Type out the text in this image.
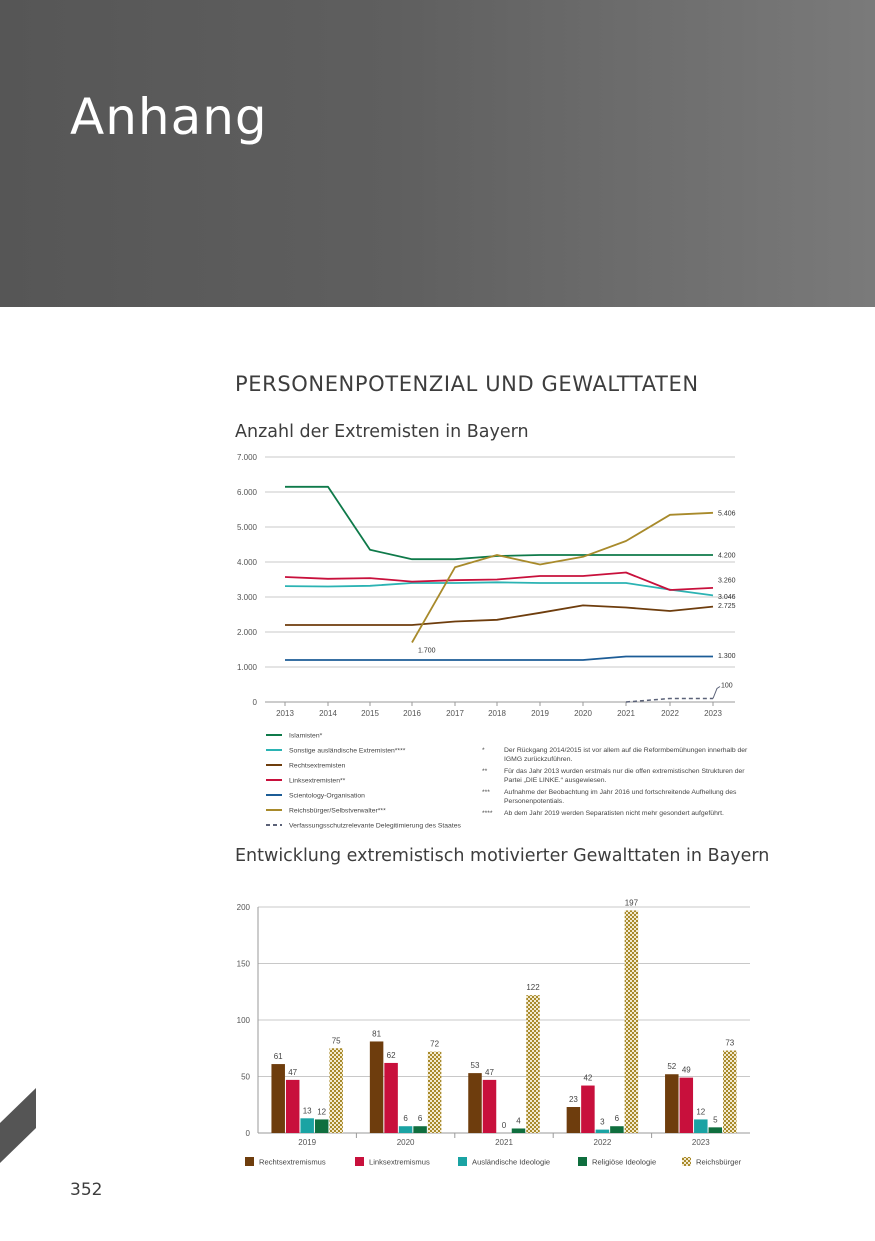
Anhang
PERSONENPOTENZIAL UND GEWALTTATEN
Anzahl der Extremisten in Bayern
Entwicklung extremistisch motivierter Gewalttaten in Bayern
0
1.000
2.000
3.000
4.000
5.000
6.000
7.000
2013	2014	2015	2016	2017	2018	2019	2020	2021	2022	2023
4.200
3.046
2.725
3.260
1.300
5.406
1.700
100
Islamisten*
Sonstige ausländische Extremisten****
Rechtsextremisten
Linksextremisten**
Scientology-Organisation
Reichsbürger/Selbstverwalter***
Verfassungsschutzrelevante Delegitimierung des Staates
*	Der Rückgang 2014/2015 ist vor allem auf die Reformbemühungen innerhalb der
IGMG zurückzuführen.
** Für das Jahr 2013 wurden erstmals nur die offen extremistischen Strukturen der
Partei „DIE LINKE.“ ausgewiesen.
*** Aufnahme der Beobachtung im Jahr 2016 und fortschreitende Aufhellung des
Personenpotentials.
**** Ab dem Jahr 2019 werden Separatisten nicht mehr gesondert aufgeführt.
0
50
100
150
200
2019
61
47
13 12
75
2020
81
62
6 6
72
2021
53
47
0
4
122
2022
23
42
3 6
197
2023
52 49
12
5
73
Rechtsextremismus	Linksextremismus	Ausländische Ideologie	Religiöse Ideologie	Reichsbürger
352
